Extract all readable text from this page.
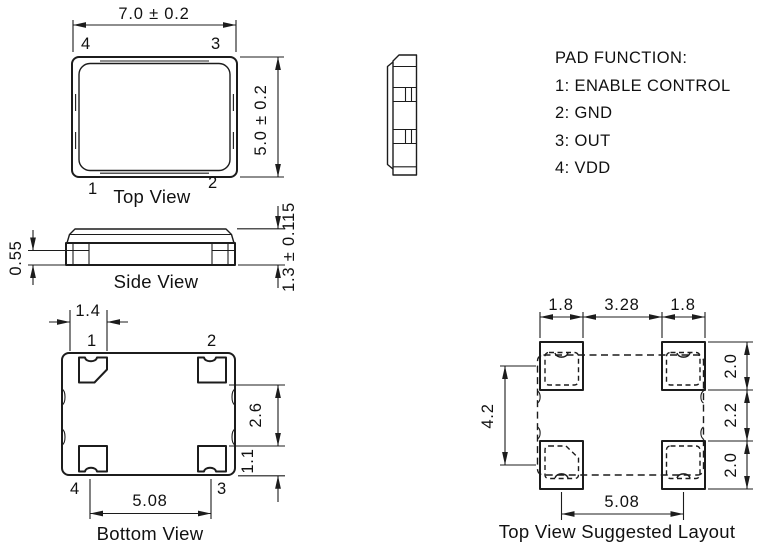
7.0 ± 0.2
4	3
1	2
5.0 ± 0.2
Top View
PAD FUNCTION:
1: ENABLE CONTROL
2: GND
3: OUT
4: VDD
0.55	1.3 ± 0.115
Side View
1	2
4	3
1.4
2.6
1.1
5.08
Bottom View
1.8 3.28 1.8
4.2
2.0
2.2
2.0
5.08
Top View Suggested Layout
